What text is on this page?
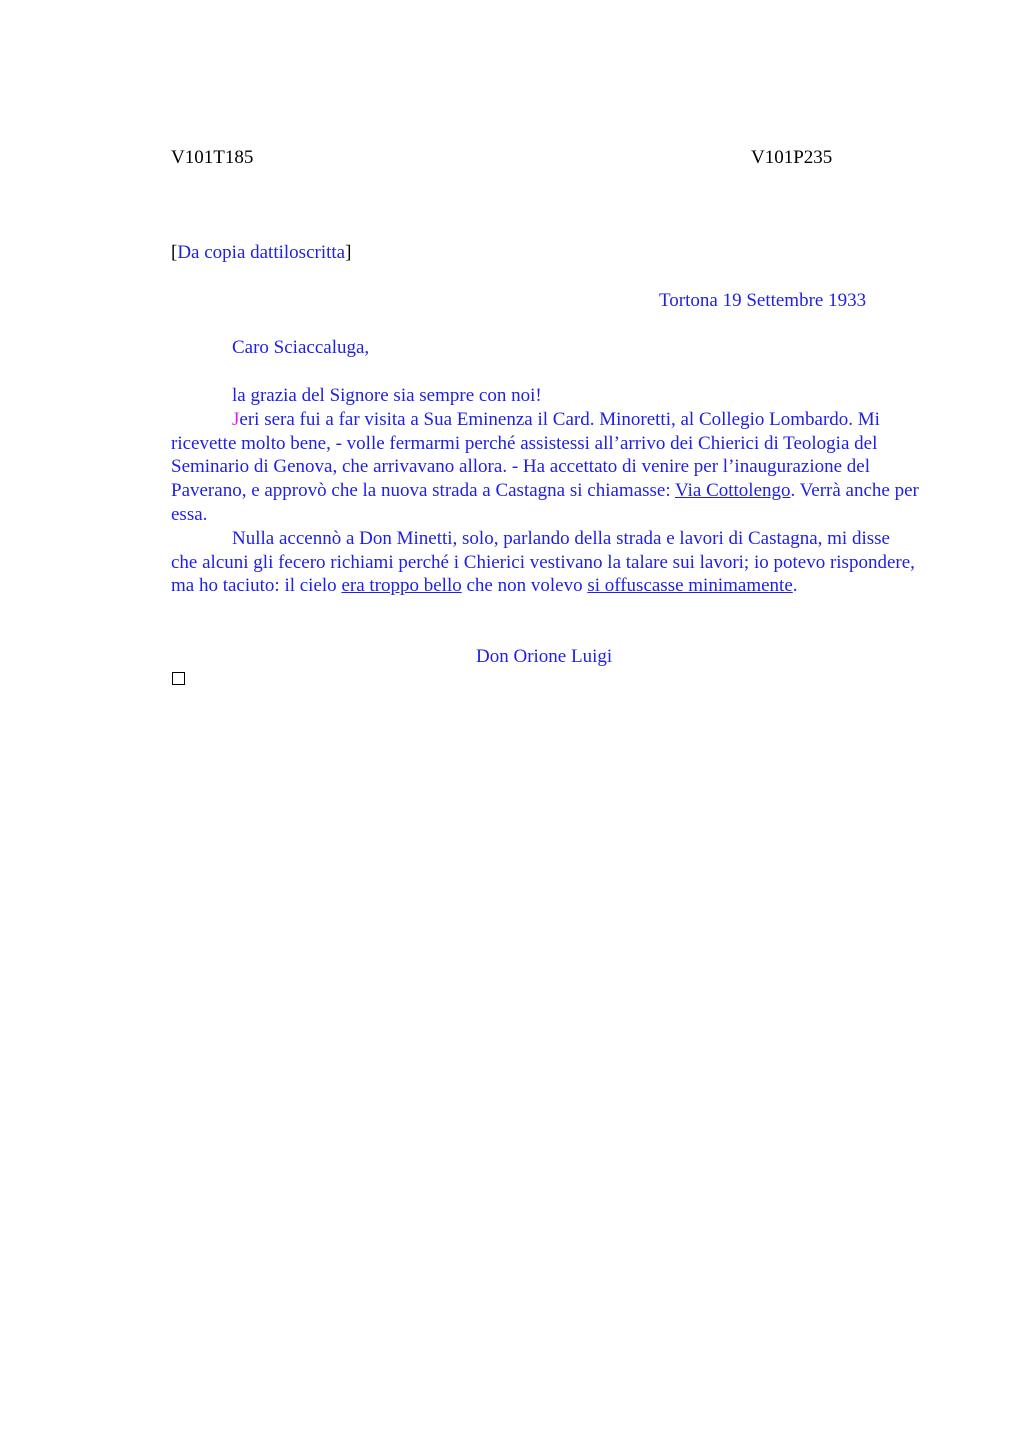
V101T185	V101P235
[Da copia dattiloscritta]
Tortona 19 Settembre 1933
Caro Sciaccaluga,

la grazia del Signore sia sempre con noi!

Jeri sera fui a far visita a Sua Eminenza il Card. Minoretti, al Collegio Lombardo. Mi ricevette molto bene, - volle fermarmi perché assistessi all’arrivo dei Chierici di Teologia del Seminario di Genova, che arrivavano allora. - Ha accettato di venire per l’inaugurazione del Paverano, e approvò che la nuova strada a Castagna si chiamasse: Via Cottolengo. Verrà anche per essa.

Nulla accennò a Don Minetti, solo, parlando della strada e lavori di Castagna, mi disse che alcuni gli fecero richiami perché i Chierici vestivano la talare sui lavori; io potevo rispondere, ma ho taciuto: il cielo era troppo bello che non volevo si offuscasse minimamente.

Don Orione Luigi
